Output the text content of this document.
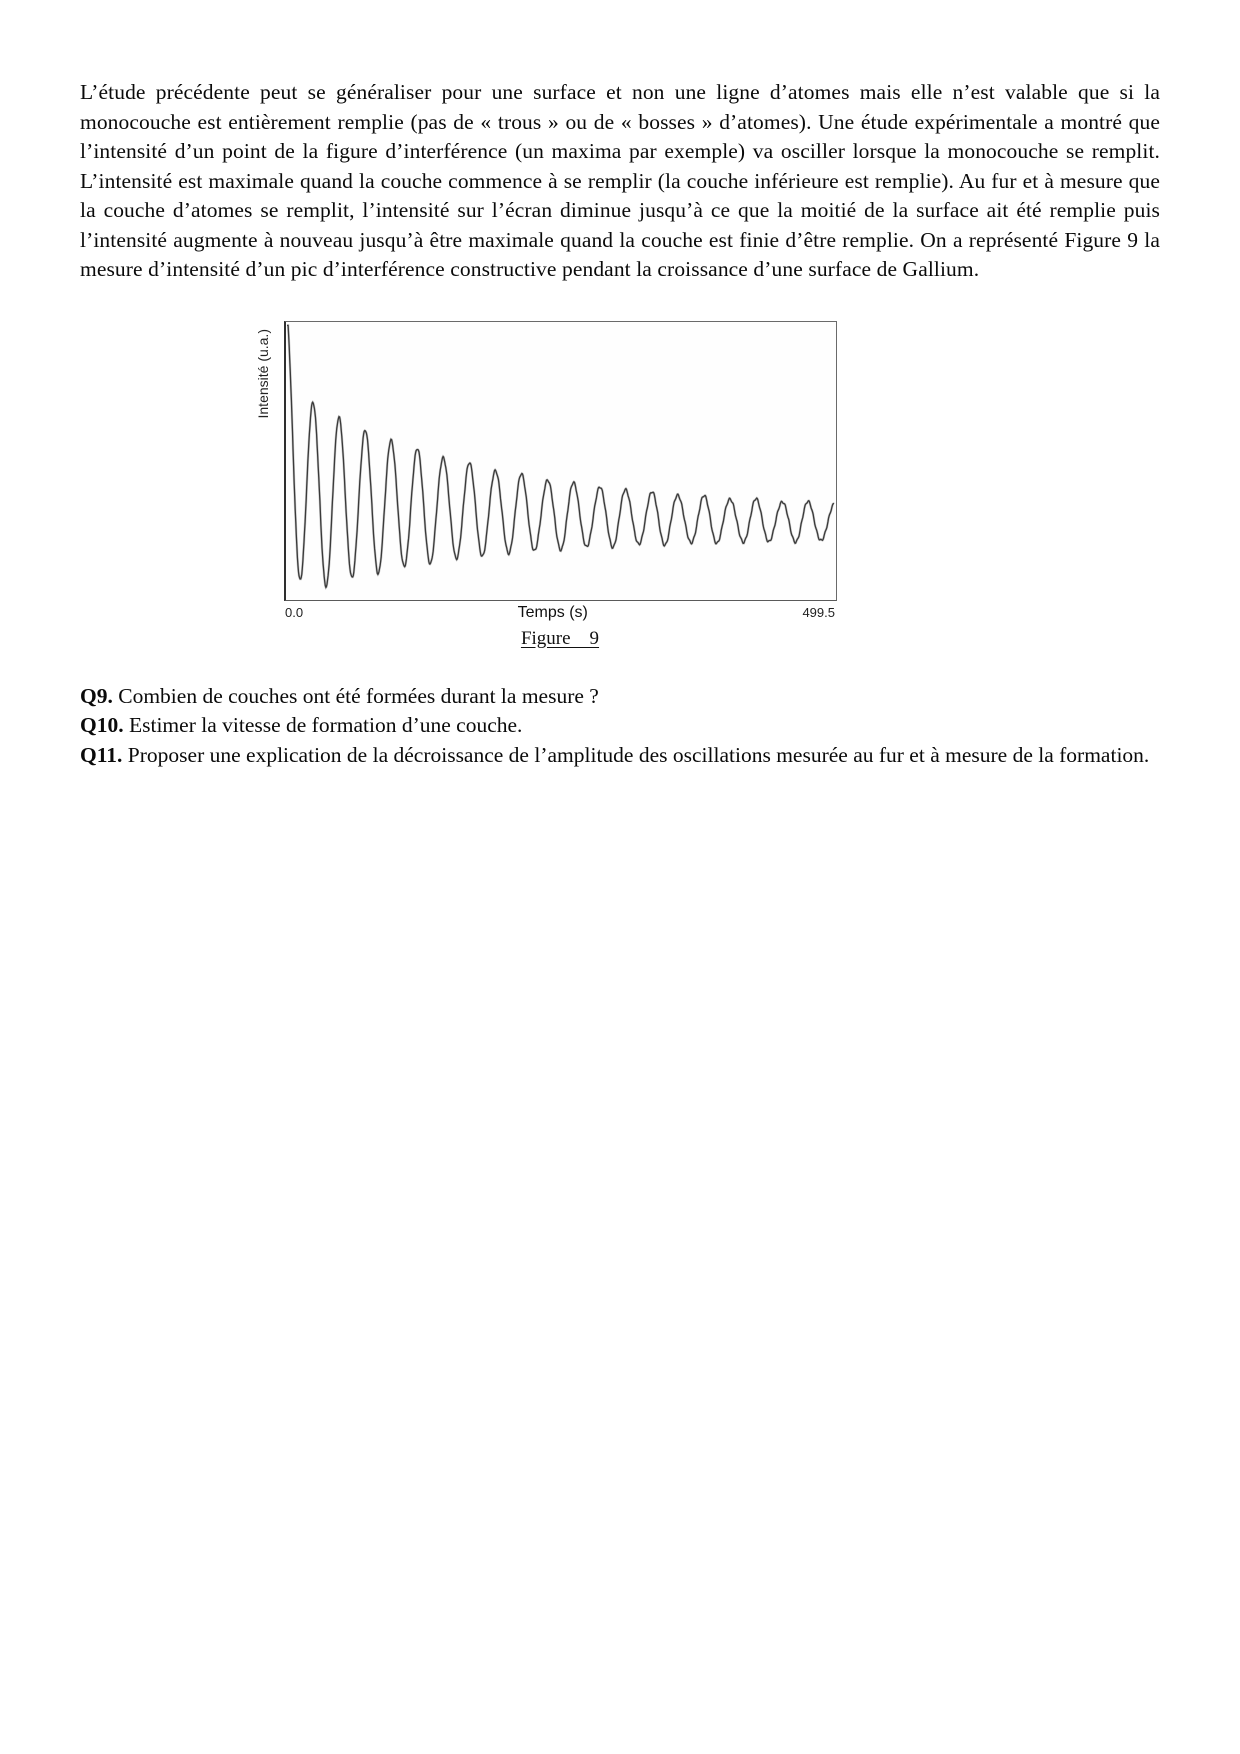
L’étude précédente peut se généraliser pour une surface et non une ligne d’atomes mais elle n’est valable que si la monocouche est entièrement remplie (pas de « trous » ou de « bosses » d’atomes). Une étude expérimentale a montré que l’intensité d’un point de la figure d’interférence (un maxima par exemple) va osciller lorsque la monocouche se remplit. L’intensité est maximale quand la couche commence à se remplir (la couche inférieure est remplie). Au fur et à mesure que la couche d’atomes se remplit, l’intensité sur l’écran diminue jusqu’à ce que la moitié de la surface ait été remplie puis l’intensité augmente à nouveau jusqu’à être maximale quand la couche est finie d’être remplie. On a représenté Figure 9 la mesure d’intensité d’un pic d’interférence constructive pendant la croissance d’une surface de Gallium.

Intensité (u.a.)
0.0	Temps (s)	499.5
Figure    9

Q9. Combien de couches ont été formées durant la mesure ?

Q10. Estimer la vitesse de formation d’une couche.

Q11. Proposer une explication de la décroissance de l’amplitude des oscillations mesurée au fur et à mesure de la formation.
